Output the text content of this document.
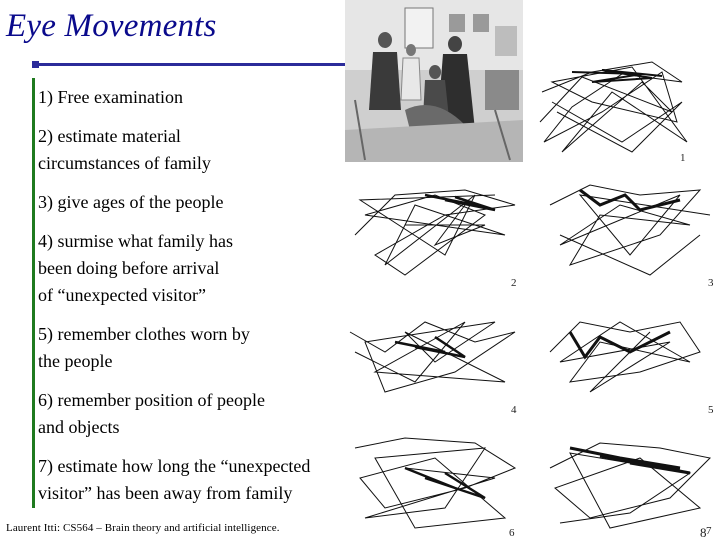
Eye Movements
1) Free examination
2) estimate material
circumstances of family
3) give ages of the people
4) surmise what family has
been doing before arrival
of “unexpected visitor”
5) remember clothes worn by
the people
6) remember position of people
and objects
7) estimate how long the “unexpected
visitor” has been away from family
1
2	3
4	5
6	7
Laurent Itti: CS564 – Brain theory and artificial intelligence.	8
